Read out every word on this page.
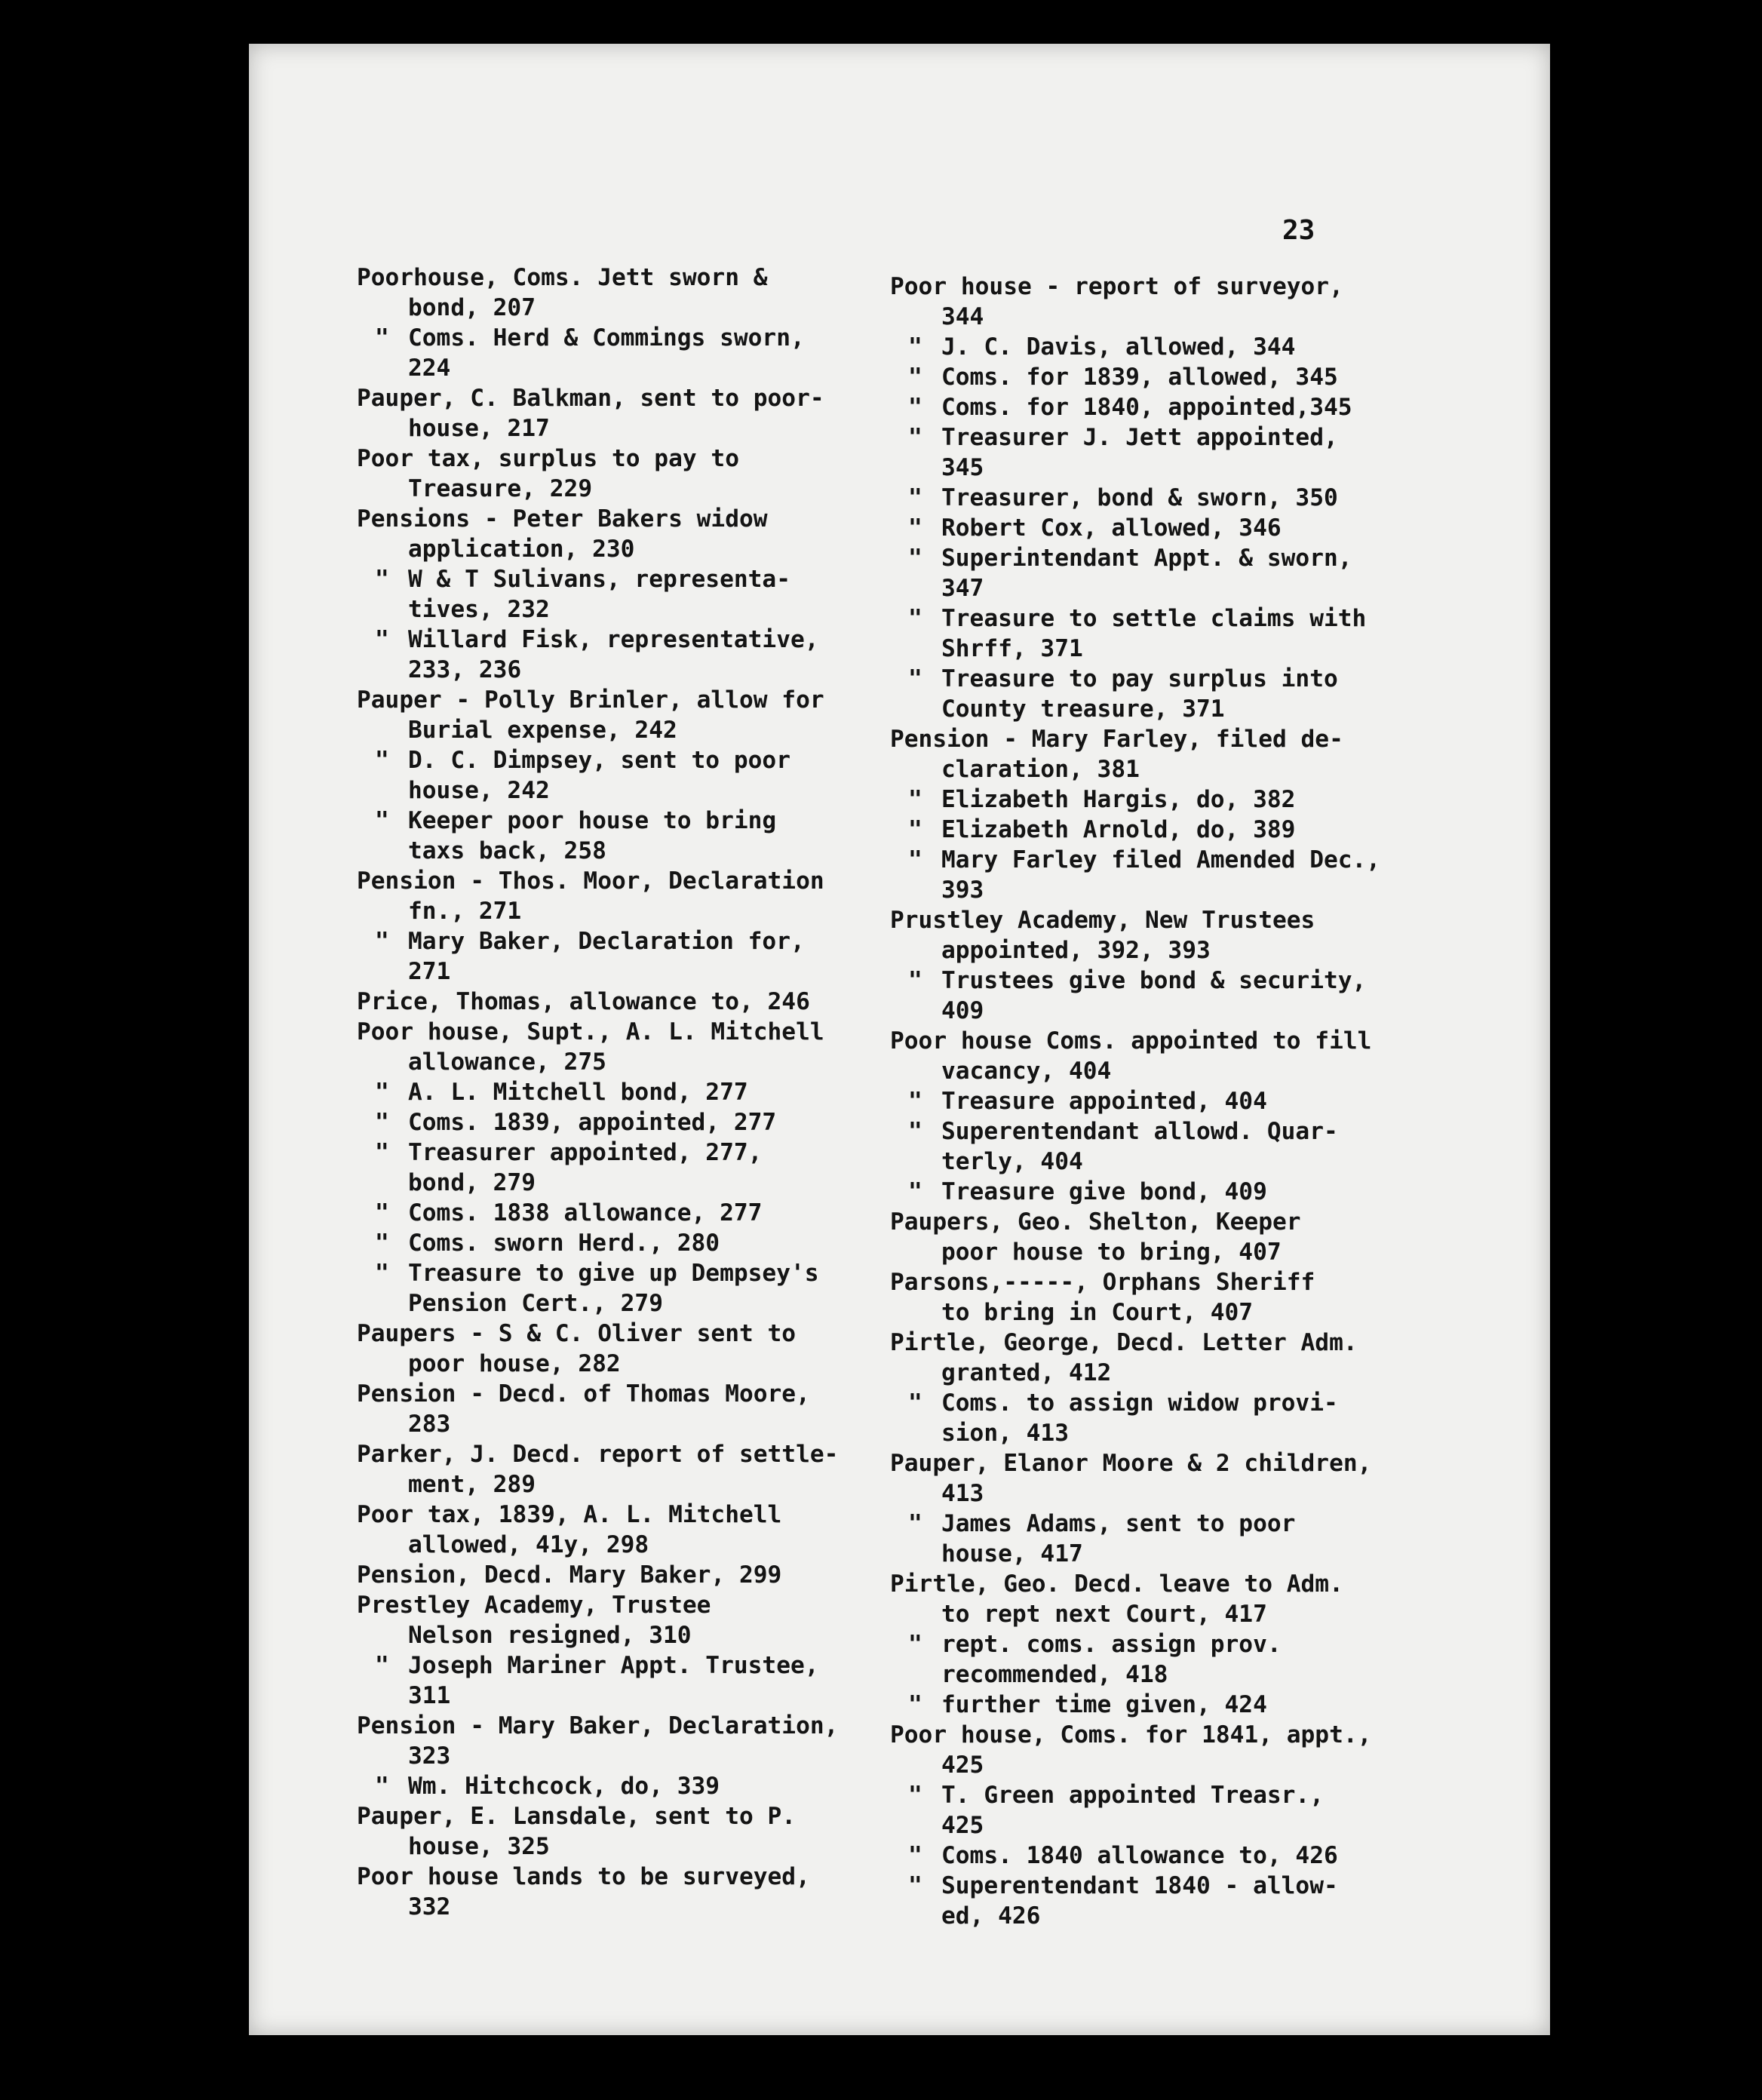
23
Poorhouse, Coms. Jett sworn &
bond, 207
" Coms. Herd & Commings sworn,
224
Pauper, C. Balkman, sent to poor-
house, 217
Poor tax, surplus to pay to
Treasure, 229
Pensions - Peter Bakers widow
application, 230
" W & T Sulivans, representa-
tives, 232
" Willard Fisk, representative,
233, 236
Pauper - Polly Brinler, allow for
Burial expense, 242
" D. C. Dimpsey, sent to poor
house, 242
" Keeper poor house to bring
taxs back, 258
Pension - Thos. Moor, Declaration
fn., 271
" Mary Baker, Declaration for,
271
Price, Thomas, allowance to, 246
Poor house, Supt., A. L. Mitchell
allowance, 275
" A. L. Mitchell bond, 277
" Coms. 1839, appointed, 277
" Treasurer appointed, 277,
bond, 279
" Coms. 1838 allowance, 277
" Coms. sworn Herd., 280
" Treasure to give up Dempsey's
Pension Cert., 279
Paupers - S & C. Oliver sent to
poor house, 282
Pension - Decd. of Thomas Moore,
283
Parker, J. Decd. report of settle-
ment, 289
Poor tax, 1839, A. L. Mitchell
allowed, 41y, 298
Pension, Decd. Mary Baker, 299
Prestley Academy, Trustee
Nelson resigned, 310
" Joseph Mariner Appt. Trustee,
311
Pension - Mary Baker, Declaration,
323
" Wm. Hitchcock, do, 339
Pauper, E. Lansdale, sent to P.
house, 325
Poor house lands to be surveyed,
332
Poor house - report of surveyor,
344
" J. C. Davis, allowed, 344
" Coms. for 1839, allowed, 345
" Coms. for 1840, appointed,345
" Treasurer J. Jett appointed,
345
" Treasurer, bond & sworn, 350
" Robert Cox, allowed, 346
" Superintendant Appt. & sworn,
347
" Treasure to settle claims with
Shrff, 371
" Treasure to pay surplus into
County treasure, 371
Pension - Mary Farley, filed de-
claration, 381
" Elizabeth Hargis, do, 382
" Elizabeth Arnold, do, 389
" Mary Farley filed Amended Dec.,
393
Prustley Academy, New Trustees
appointed, 392, 393
" Trustees give bond & security,
409
Poor house Coms. appointed to fill
vacancy, 404
" Treasure appointed, 404
" Superentendant allowd. Quar-
terly, 404
" Treasure give bond, 409
Paupers, Geo. Shelton, Keeper
poor house to bring, 407
Parsons,-----, Orphans Sheriff
to bring in Court, 407
Pirtle, George, Decd. Letter Adm.
granted, 412
" Coms. to assign widow provi-
sion, 413
Pauper, Elanor Moore & 2 children,
413
" James Adams, sent to poor
house, 417
Pirtle, Geo. Decd. leave to Adm.
to rept next Court, 417
" rept. coms. assign prov.
recommended, 418
" further time given, 424
Poor house, Coms. for 1841, appt.,
425
" T. Green appointed Treasr.,
425
" Coms. 1840 allowance to, 426
" Superentendant 1840 - allow-
ed, 426
